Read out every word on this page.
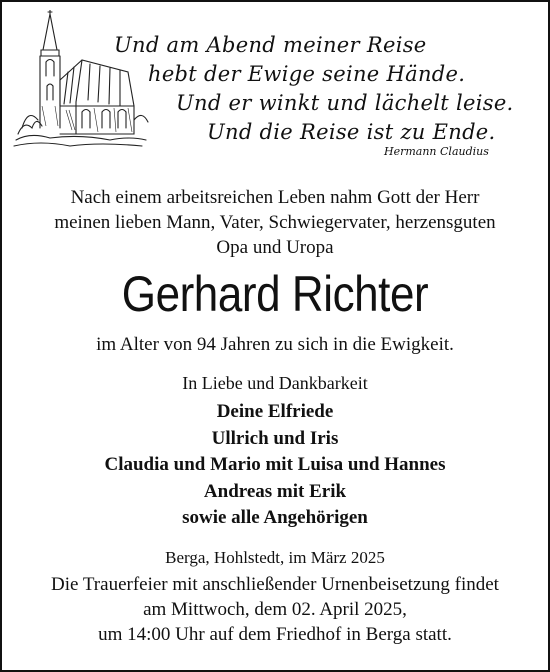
Und am Abend meiner Reise
hebt der Ewige seine Hände.
Und er winkt und lächelt leise.
Und die Reise ist zu Ende.
Hermann Claudius
Nach einem arbeitsreichen Leben nahm Gott der Herr
meinen lieben Mann, Vater, Schwiegervater, herzensguten
Opa und Uropa
Gerhard Richter
im Alter von 94 Jahren zu sich in die Ewigkeit.
In Liebe und Dankbarkeit
Deine Elfriede
Ullrich und Iris
Claudia und Mario mit Luisa und Hannes
Andreas mit Erik
sowie alle Angehörigen
Berga, Hohlstedt, im März 2025
Die Trauerfeier mit anschließender Urnenbeisetzung findet
am Mittwoch, dem 02. April 2025,
um 14:00 Uhr auf dem Friedhof in Berga statt.
